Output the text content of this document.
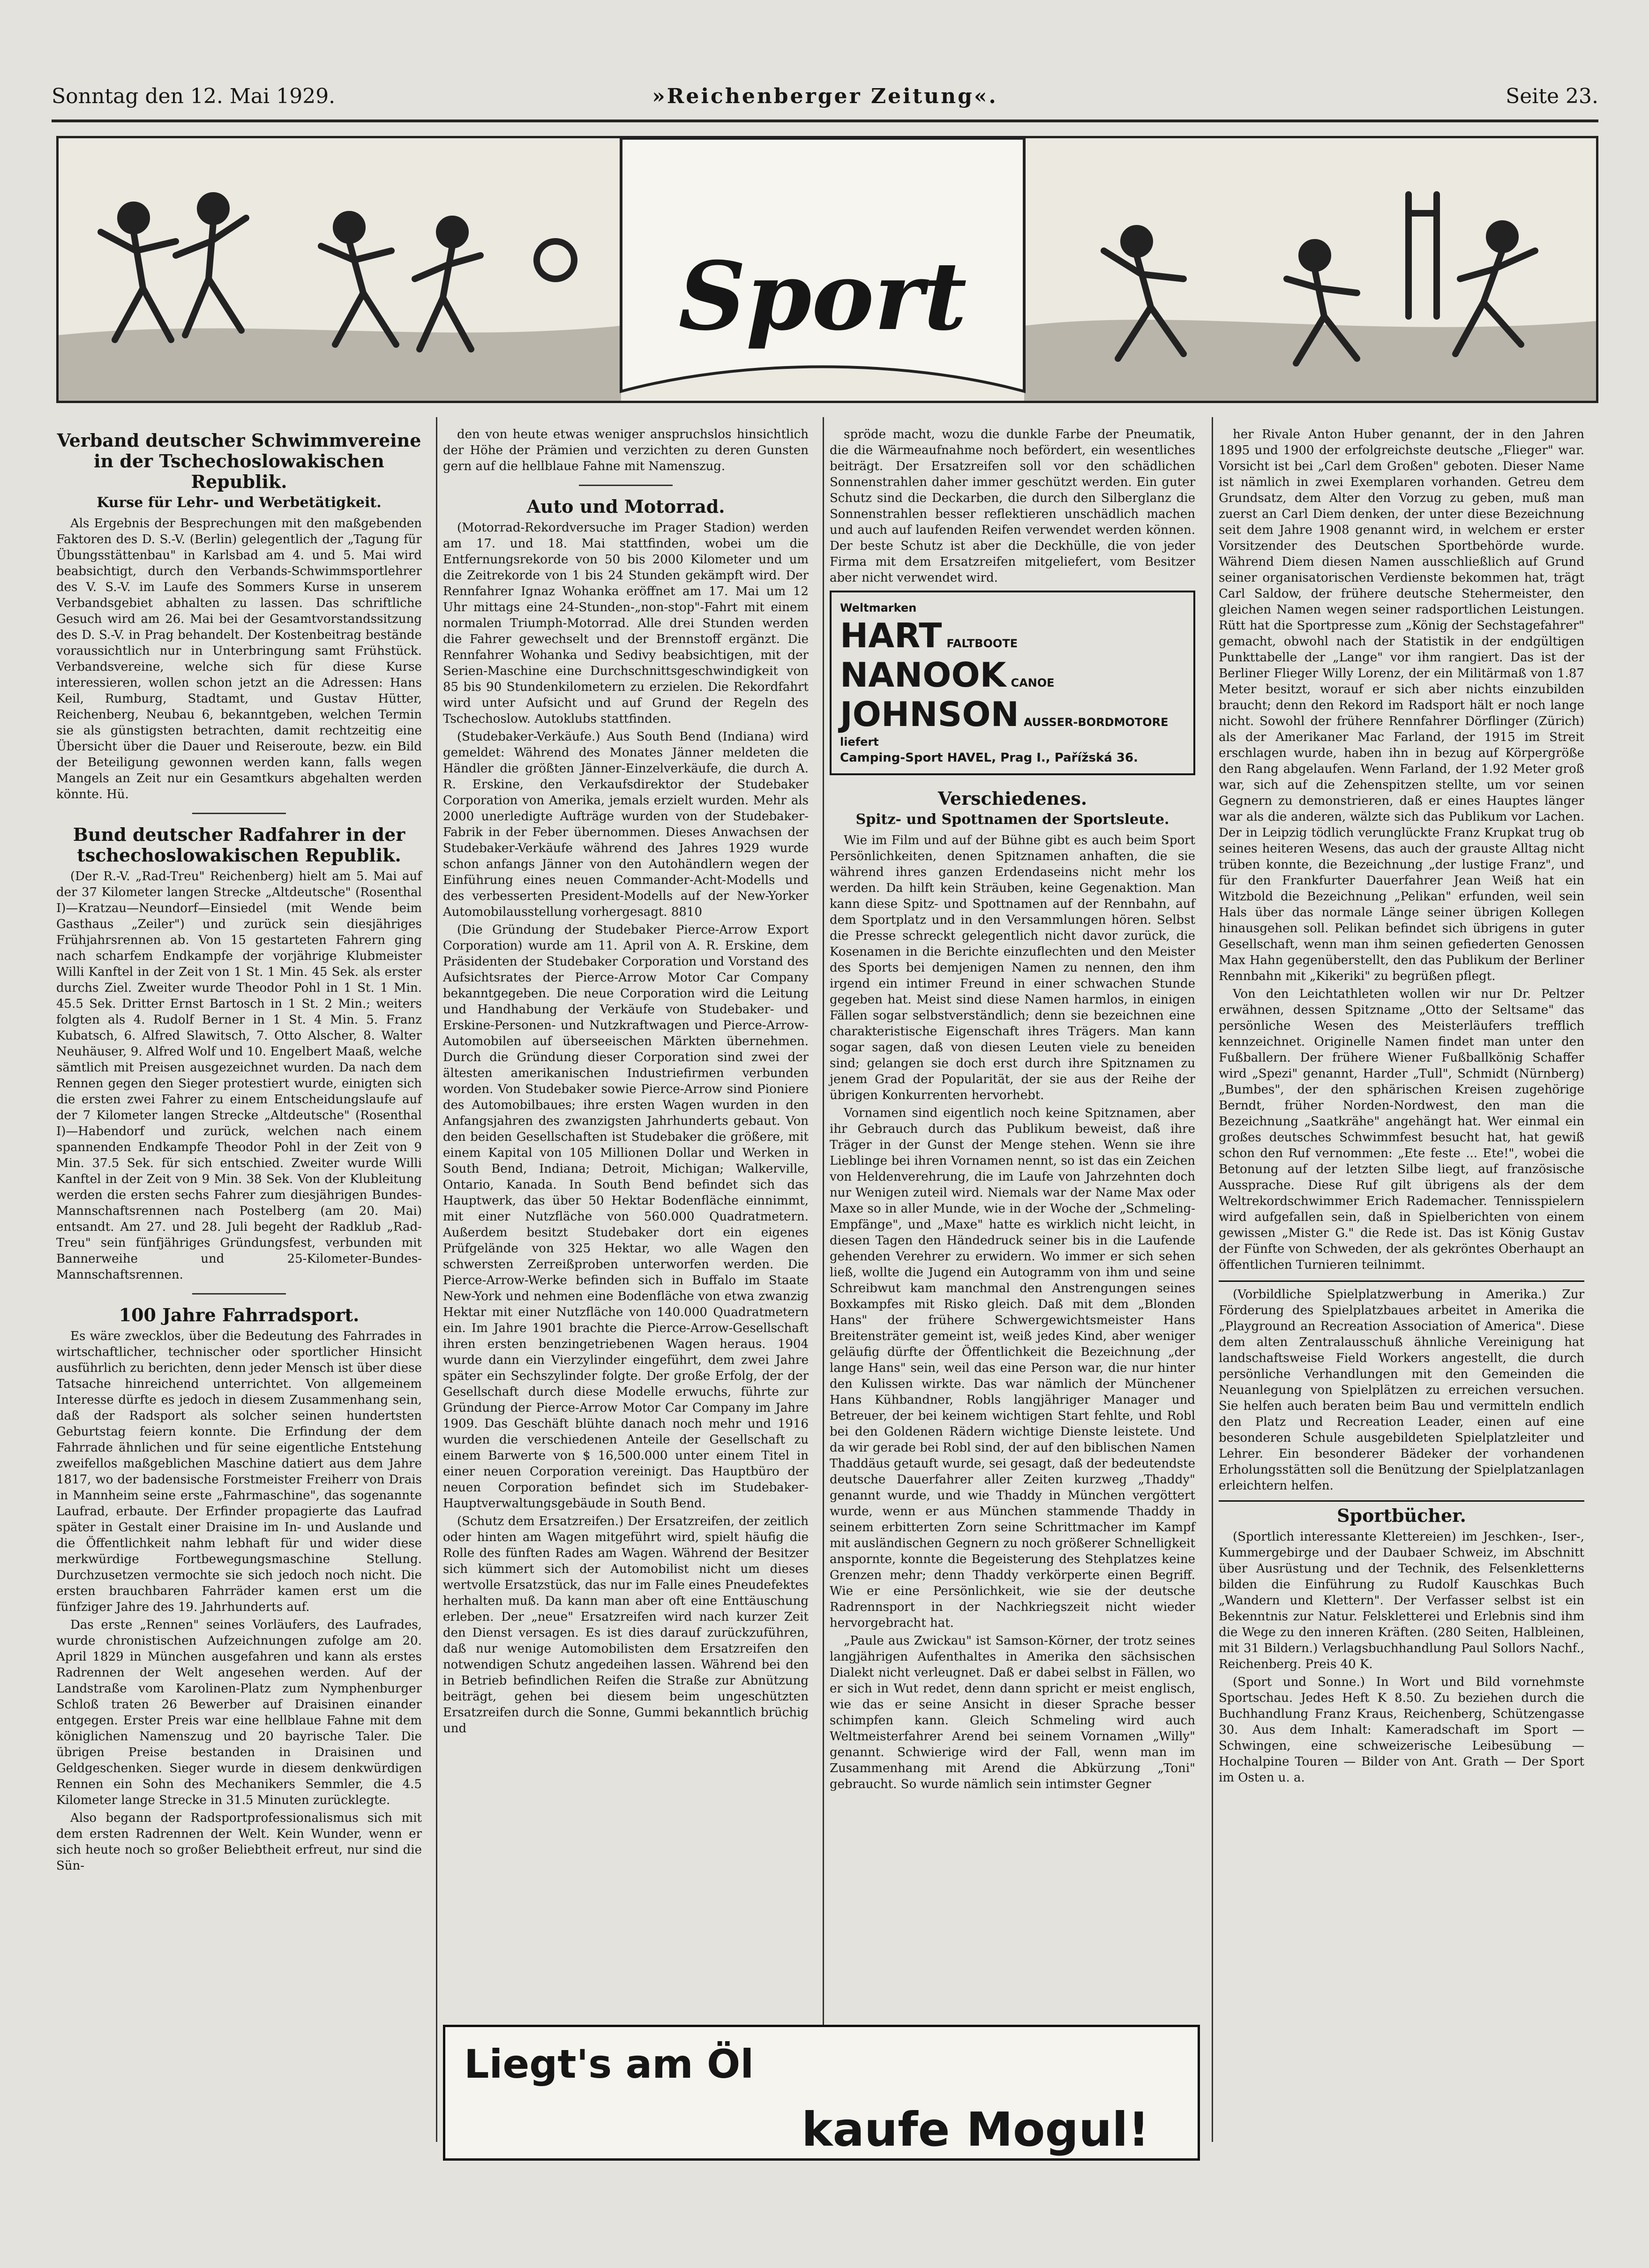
»Reichenberger Zeitung«.
Sonntag den 12. Mai 1929.	Seite 23.
Sport
Verband deutscher Schwimmvereine in der Tschechoslowakischen Republik.
Kurse für Lehr- und Werbetätigkeit.

Als Ergebnis der Besprechungen mit den maßgebenden Faktoren des D. S.-V. (Berlin) gelegentlich der „Tagung für Übungsstättenbau" in Karlsbad am 4. und 5. Mai wird beabsichtigt, durch den Verbands-Schwimmsportlehrer des V. S.-V. im Laufe des Sommers Kurse in unserem Verbandsgebiet abhalten zu lassen. Das schriftliche Gesuch wird am 26. Mai bei der Gesamtvorstandssitzung des D. S.-V. in Prag behandelt. Der Kostenbeitrag bestände voraussichtlich nur in Unterbringung samt Frühstück. Verbandsvereine, welche sich für diese Kurse interessieren, wollen schon jetzt an die Adressen: Hans Keil, Rumburg, Stadtamt, und Gustav Hütter, Reichenberg, Neubau 6, bekanntgeben, welchen Termin sie als günstigsten betrachten, damit rechtzeitig eine Übersicht über die Dauer und Reiseroute, bezw. ein Bild der Beteiligung gewonnen werden kann, falls wegen Mangels an Zeit nur ein Gesamtkurs abgehalten werden könnte. Hü.

Bund deutscher Radfahrer in der tschechoslowakischen Republik.

(Der R.-V. „Rad-Treu" Reichenberg) hielt am 5. Mai auf der 37 Kilometer langen Strecke „Altdeutsche" (Rosenthal I)—Kratzau—Neundorf—Einsiedel (mit Wende beim Gasthaus „Zeiler") und zurück sein diesjähriges Frühjahrsrennen ab. Von 15 gestarteten Fahrern ging nach scharfem Endkampfe der vorjährige Klubmeister Willi Kanftel in der Zeit von 1 St. 1 Min. 45 Sek. als erster durchs Ziel. Zweiter wurde Theodor Pohl in 1 St. 1 Min. 45.5 Sek. Dritter Ernst Bartosch in 1 St. 2 Min.; weiters folgten als 4. Rudolf Berner in 1 St. 4 Min. 5. Franz Kubatsch, 6. Alfred Slawitsch, 7. Otto Alscher, 8. Walter Neuhäuser, 9. Alfred Wolf und 10. Engelbert Maaß, welche sämtlich mit Preisen ausgezeichnet wurden. Da nach dem Rennen gegen den Sieger protestiert wurde, einigten sich die ersten zwei Fahrer zu einem Entscheidungslaufe auf der 7 Kilometer langen Strecke „Altdeutsche" (Rosenthal I)—Habendorf und zurück, welchen nach einem spannenden Endkampfe Theodor Pohl in der Zeit von 9 Min. 37.5 Sek. für sich entschied. Zweiter wurde Willi Kanftel in der Zeit von 9 Min. 38 Sek. Von der Klubleitung werden die ersten sechs Fahrer zum diesjährigen Bundes-Mannschaftsrennen nach Postelberg (am 20. Mai) entsandt. Am 27. und 28. Juli begeht der Radklub „Rad-Treu" sein fünfjähriges Gründungsfest, verbunden mit Bannerweihe und 25-Kilometer-Bundes-Mannschaftsrennen.

100 Jahre Fahrradsport.

Es wäre zwecklos, über die Bedeutung des Fahrrades in wirtschaftlicher, technischer oder sportlicher Hinsicht ausführlich zu berichten, denn jeder Mensch ist über diese Tatsache hinreichend unterrichtet. Von allgemeinem Interesse dürfte es jedoch in diesem Zusammenhang sein, daß der Radsport als solcher seinen hundertsten Geburtstag feiern konnte. Die Erfindung der dem Fahrrade ähnlichen und für seine eigentliche Entstehung zweifellos maßgeblichen Maschine datiert aus dem Jahre 1817, wo der badensische Forstmeister Freiherr von Drais in Mannheim seine erste „Fahrmaschine", das sogenannte Laufrad, erbaute. Der Erfinder propagierte das Laufrad später in Gestalt einer Draisine im In- und Auslande und die Öffentlichkeit nahm lebhaft für und wider diese merkwürdige Fortbewegungsmaschine Stellung. Durchzusetzen vermochte sie sich jedoch noch nicht. Die ersten brauchbaren Fahrräder kamen erst um die fünfziger Jahre des 19. Jahrhunderts auf.

Das erste „Rennen" seines Vorläufers, des Laufrades, wurde chronistischen Aufzeichnungen zufolge am 20. April 1829 in München ausgefahren und kann als erstes Radrennen der Welt angesehen werden. Auf der Landstraße vom Karolinen-Platz zum Nymphenburger Schloß traten 26 Bewerber auf Draisinen einander entgegen. Erster Preis war eine hellblaue Fahne mit dem königlichen Namenszug und 20 bayrische Taler. Die übrigen Preise bestanden in Draisinen und Geldgeschenken. Sieger wurde in diesem denkwürdigen Rennen ein Sohn des Mechanikers Semmler, die 4.5 Kilometer lange Strecke in 31.5 Minuten zurücklegte.

Also begann der Radsportprofessionalismus sich mit dem ersten Radrennen der Welt. Kein Wunder, wenn er sich heute noch so großer Beliebtheit erfreut, nur sind die Sün-

den von heute etwas weniger anspruchslos hinsichtlich der Höhe der Prämien und verzichten zu deren Gunsten gern auf die hellblaue Fahne mit Namenszug.

Auto und Motorrad.

(Motorrad-Rekordversuche im Prager Stadion) werden am 17. und 18. Mai stattfinden, wobei um die Entfernungsrekorde von 50 bis 2000 Kilometer und um die Zeitrekorde von 1 bis 24 Stunden gekämpft wird. Der Rennfahrer Ignaz Wohanka eröffnet am 17. Mai um 12 Uhr mittags eine 24-Stunden-„non-stop"-Fahrt mit einem normalen Triumph-Motorrad. Alle drei Stunden werden die Fahrer gewechselt und der Brennstoff ergänzt. Die Rennfahrer Wohanka und Sedivy beabsichtigen, mit der Serien-Maschine eine Durchschnittsgeschwindigkeit von 85 bis 90 Stundenkilometern zu erzielen. Die Rekordfahrt wird unter Aufsicht und auf Grund der Regeln des Tschechoslow. Autoklubs stattfinden.

(Studebaker-Verkäufe.) Aus South Bend (Indiana) wird gemeldet: Während des Monates Jänner meldeten die Händler die größten Jänner-Einzelverkäufe, die durch A. R. Erskine, den Verkaufsdirektor der Studebaker Corporation von Amerika, jemals erzielt wurden. Mehr als 2000 unerledigte Aufträge wurden von der Studebaker-Fabrik in der Feber übernommen. Dieses Anwachsen der Studebaker-Verkäufe während des Jahres 1929 wurde schon anfangs Jänner von den Autohändlern wegen der Einführung eines neuen Commander-Acht-Modells und des verbesserten President-Modells auf der New-Yorker Automobilausstellung vorhergesagt. 8810

(Die Gründung der Studebaker Pierce-Arrow Export Corporation) wurde am 11. April von A. R. Erskine, dem Präsidenten der Studebaker Corporation und Vorstand des Aufsichtsrates der Pierce-Arrow Motor Car Company bekanntgegeben. Die neue Corporation wird die Leitung und Handhabung der Verkäufe von Studebaker- und Erskine-Personen- und Nutzkraftwagen und Pierce-Arrow-Automobilen auf überseeischen Märkten übernehmen. Durch die Gründung dieser Corporation sind zwei der ältesten amerikanischen Industriefirmen verbunden worden. Von Studebaker sowie Pierce-Arrow sind Pioniere des Automobilbaues; ihre ersten Wagen wurden in den Anfangsjahren des zwanzigsten Jahrhunderts gebaut. Von den beiden Gesellschaften ist Studebaker die größere, mit einem Kapital von 105 Millionen Dollar und Werken in South Bend, Indiana; Detroit, Michigan; Walkerville, Ontario, Kanada. In South Bend befindet sich das Hauptwerk, das über 50 Hektar Bodenfläche einnimmt, mit einer Nutzfläche von 560.000 Quadratmetern. Außerdem besitzt Studebaker dort ein eigenes Prüfgelände von 325 Hektar, wo alle Wagen den schwersten Zerreißproben unterworfen werden. Die Pierce-Arrow-Werke befinden sich in Buffalo im Staate New-York und nehmen eine Bodenfläche von etwa zwanzig Hektar mit einer Nutzfläche von 140.000 Quadratmetern ein. Im Jahre 1901 brachte die Pierce-Arrow-Gesellschaft ihren ersten benzingetriebenen Wagen heraus. 1904 wurde dann ein Vierzylinder eingeführt, dem zwei Jahre später ein Sechszylinder folgte. Der große Erfolg, der der Gesellschaft durch diese Modelle erwuchs, führte zur Gründung der Pierce-Arrow Motor Car Company im Jahre 1909. Das Geschäft blühte danach noch mehr und 1916 wurden die verschiedenen Anteile der Gesellschaft zu einem Barwerte von $ 16,500.000 unter einem Titel in einer neuen Corporation vereinigt. Das Hauptbüro der neuen Corporation befindet sich im Studebaker-Hauptverwaltungsgebäude in South Bend.

(Schutz dem Ersatzreifen.) Der Ersatzreifen, der zeitlich oder hinten am Wagen mitgeführt wird, spielt häufig die Rolle des fünften Rades am Wagen. Während der Besitzer sich kümmert sich der Automobilist nicht um dieses wertvolle Ersatzstück, das nur im Falle eines Pneudefektes herhalten muß. Da kann man aber oft eine Enttäuschung erleben. Der „neue" Ersatzreifen wird nach kurzer Zeit den Dienst versagen. Es ist dies darauf zurückzuführen, daß nur wenige Automobilisten dem Ersatzreifen den notwendigen Schutz angedeihen lassen. Während bei den in Betrieb befindlichen Reifen die Straße zur Abnützung beiträgt, gehen bei diesem beim ungeschützten Ersatzreifen durch die Sonne, Gummi bekanntlich brüchig und

spröde macht, wozu die dunkle Farbe der Pneumatik, die die Wärmeaufnahme noch befördert, ein wesentliches beiträgt. Der Ersatzreifen soll vor den schädlichen Sonnenstrahlen daher immer geschützt werden. Ein guter Schutz sind die Deckarben, die durch den Silberglanz die Sonnenstrahlen besser reflektieren unschädlich machen und auch auf laufenden Reifen verwendet werden können. Der beste Schutz ist aber die Deckhülle, die von jeder Firma mit dem Ersatzreifen mitgeliefert, vom Besitzer aber nicht verwendet wird.

Weltmarken
HART FALTBOOTE
NANOOK CANOE
JOHNSON AUSSER-BORDMOTORE
liefert
Camping-Sport HAVEL, Prag I., Pařížská 36.
Verschiedenes.
Spitz- und Spottnamen der Sportsleute.

Wie im Film und auf der Bühne gibt es auch beim Sport Persönlichkeiten, denen Spitznamen anhaften, die sie während ihres ganzen Erdendaseins nicht mehr los werden. Da hilft kein Sträuben, keine Gegenaktion. Man kann diese Spitz- und Spottnamen auf der Rennbahn, auf dem Sportplatz und in den Versammlungen hören. Selbst die Presse schreckt gelegentlich nicht davor zurück, die Kosenamen in die Berichte einzuflechten und den Meister des Sports bei demjenigen Namen zu nennen, den ihm irgend ein intimer Freund in einer schwachen Stunde gegeben hat. Meist sind diese Namen harmlos, in einigen Fällen sogar selbstverständlich; denn sie bezeichnen eine charakteristische Eigenschaft ihres Trägers. Man kann sogar sagen, daß von diesen Leuten viele zu beneiden sind; gelangen sie doch erst durch ihre Spitznamen zu jenem Grad der Popularität, der sie aus der Reihe der übrigen Konkurrenten hervorhebt.

Vornamen sind eigentlich noch keine Spitznamen, aber ihr Gebrauch durch das Publikum beweist, daß ihre Träger in der Gunst der Menge stehen. Wenn sie ihre Lieblinge bei ihren Vornamen nennt, so ist das ein Zeichen von Heldenverehrung, die im Laufe von Jahrzehnten doch nur Wenigen zuteil wird. Niemals war der Name Max oder Maxe so in aller Munde, wie in der Woche der „Schmeling-Empfänge", und „Maxe" hatte es wirklich nicht leicht, in diesen Tagen den Händedruck seiner bis in die Laufende gehenden Verehrer zu erwidern. Wo immer er sich sehen ließ, wollte die Jugend ein Autogramm von ihm und seine Schreibwut kam manchmal den Anstrengungen seines Boxkampfes mit Risko gleich. Daß mit dem „Blonden Hans" der frühere Schwergewichtsmeister Hans Breitensträter gemeint ist, weiß jedes Kind, aber weniger geläufig dürfte der Öffentlichkeit die Bezeichnung „der lange Hans" sein, weil das eine Person war, die nur hinter den Kulissen wirkte. Das war nämlich der Münchener Hans Kühbandner, Robls langjähriger Manager und Betreuer, der bei keinem wichtigen Start fehlte, und Robl bei den Goldenen Rädern wichtige Dienste leistete. Und da wir gerade bei Robl sind, der auf den biblischen Namen Thaddäus getauft wurde, sei gesagt, daß der bedeutendste deutsche Dauerfahrer aller Zeiten kurzweg „Thaddy" genannt wurde, und wie Thaddy in München vergöttert wurde, wenn er aus München stammende Thaddy in seinem erbitterten Zorn seine Schrittmacher im Kampf mit ausländischen Gegnern zu noch größerer Schnelligkeit anspornte, konnte die Begeisterung des Stehplatzes keine Grenzen mehr; denn Thaddy verkörperte einen Begriff. Wie er eine Persönlichkeit, wie sie der deutsche Radrennsport in der Nachkriegszeit nicht wieder hervorgebracht hat.

„Paule aus Zwickau" ist Samson-Körner, der trotz seines langjährigen Aufenthaltes in Amerika den sächsischen Dialekt nicht verleugnet. Daß er dabei selbst in Fällen, wo er sich in Wut redet, denn dann spricht er meist englisch, wie das er seine Ansicht in dieser Sprache besser schimpfen kann. Gleich Schmeling wird auch Weltmeisterfahrer Arend bei seinem Vornamen „Willy" genannt. Schwierige wird der Fall, wenn man im Zusammenhang mit Arend die Abkürzung „Toni" gebraucht. So wurde nämlich sein intimster Gegner

her Rivale Anton Huber genannt, der in den Jahren 1895 und 1900 der erfolgreichste deutsche „Flieger" war. Vorsicht ist bei „Carl dem Großen" geboten. Dieser Name ist nämlich in zwei Exemplaren vorhanden. Getreu dem Grundsatz, dem Alter den Vorzug zu geben, muß man zuerst an Carl Diem denken, der unter diese Bezeichnung seit dem Jahre 1908 genannt wird, in welchem er erster Vorsitzender des Deutschen Sportbehörde wurde. Während Diem diesen Namen ausschließlich auf Grund seiner organisatorischen Verdienste bekommen hat, trägt Carl Saldow, der frühere deutsche Stehermeister, den gleichen Namen wegen seiner radsportlichen Leistungen. Rütt hat die Sportpresse zum „König der Sechstagefahrer" gemacht, obwohl nach der Statistik in der endgültigen Punkttabelle der „Lange" vor ihm rangiert. Das ist der Berliner Flieger Willy Lorenz, der ein Militärmaß von 1.87 Meter besitzt, worauf er sich aber nichts einzubilden braucht; denn den Rekord im Radsport hält er noch lange nicht. Sowohl der frühere Rennfahrer Dörflinger (Zürich) als der Amerikaner Mac Farland, der 1915 im Streit erschlagen wurde, haben ihn in bezug auf Körpergröße den Rang abgelaufen. Wenn Farland, der 1.92 Meter groß war, sich auf die Zehenspitzen stellte, um vor seinen Gegnern zu demonstrieren, daß er eines Hauptes länger war als die anderen, wälzte sich das Publikum vor Lachen. Der in Leipzig tödlich verunglückte Franz Krupkat trug ob seines heiteren Wesens, das auch der grauste Alltag nicht trüben konnte, die Bezeichnung „der lustige Franz", und für den Frankfurter Dauerfahrer Jean Weiß hat ein Witzbold die Bezeichnung „Pelikan" erfunden, weil sein Hals über das normale Länge seiner übrigen Kollegen hinausgehen soll. Pelikan befindet sich übrigens in guter Gesellschaft, wenn man ihm seinen gefiederten Genossen Max Hahn gegenüberstellt, den das Publikum der Berliner Rennbahn mit „Kikeriki" zu begrüßen pflegt.

Von den Leichtathleten wollen wir nur Dr. Peltzer erwähnen, dessen Spitzname „Otto der Seltsame" das persönliche Wesen des Meisterläufers trefflich kennzeichnet. Originelle Namen findet man unter den Fußballern. Der frühere Wiener Fußballkönig Schaffer wird „Spezi" genannt, Harder „Tull", Schmidt (Nürnberg) „Bumbes", der den sphärischen Kreisen zugehörige Berndt, früher Norden-Nordwest, den man die Bezeichnung „Saatkrähe" angehängt hat. Wer einmal ein großes deutsches Schwimmfest besucht hat, hat gewiß schon den Ruf vernommen: „Ete feste ... Ete!", wobei die Betonung auf der letzten Silbe liegt, auf französische Aussprache. Diese Ruf gilt übrigens als der dem Weltrekordschwimmer Erich Rademacher. Tennisspielern wird aufgefallen sein, daß in Spielberichten von einem gewissen „Mister G." die Rede ist. Das ist König Gustav der Fünfte von Schweden, der als gekröntes Oberhaupt an öffentlichen Turnieren teilnimmt.

(Vorbildliche Spielplatzwerbung in Amerika.) Zur Förderung des Spielplatzbaues arbeitet in Amerika die „Playground an Recreation Association of America". Diese dem alten Zentralausschuß ähnliche Vereinigung hat landschaftsweise Field Workers angestellt, die durch persönliche Verhandlungen mit den Gemeinden die Neuanlegung von Spielplätzen zu erreichen versuchen. Sie helfen auch beraten beim Bau und vermitteln endlich den Platz und Recreation Leader, einen auf eine besonderen Schule ausgebildeten Spielplatzleiter und Lehrer. Ein besonderer Bädeker der vorhandenen Erholungsstätten soll die Benützung der Spielplatzanlagen erleichtern helfen.

Sportbücher.

(Sportlich interessante Klettereien) im Jeschken-, Iser-, Kummergebirge und der Daubaer Schweiz, im Abschnitt über Ausrüstung und der Technik, des Felsenkletterns bilden die Einführung zu Rudolf Kauschkas Buch „Wandern und Klettern". Der Verfasser selbst ist ein Bekenntnis zur Natur. Felskletterei und Erlebnis sind ihm die Wege zu den inneren Kräften. (280 Seiten, Halbleinen, mit 31 Bildern.) Verlagsbuchhandlung Paul Sollors Nachf., Reichenberg. Preis 40 K.

(Sport und Sonne.) In Wort und Bild vornehmste Sportschau. Jedes Heft K 8.50. Zu beziehen durch die Buchhandlung Franz Kraus, Reichenberg, Schützengasse 30. Aus dem Inhalt: Kameradschaft im Sport — Schwingen, eine schweizerische Leibesübung — Hochalpine Touren — Bilder von Ant. Grath — Der Sport im Osten u. a.

Liegt's am Öl
kaufe Mogul!
